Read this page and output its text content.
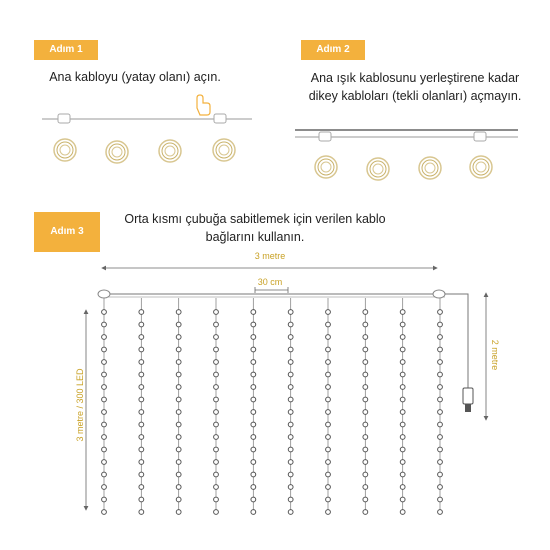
Adım 1
Ana kabloyu (yatay olanı) açın.
Adım 2
Ana ışık kablosunu yerleştirene kadar
dikey kabloları (tekli olanları) açmayın.
Adım 3
Orta kısmı çubuğa sabitlemek için verilen kablo
bağlarını kullanın.
3 metre
30 cm
2 metre
3 metre / 300 LED
